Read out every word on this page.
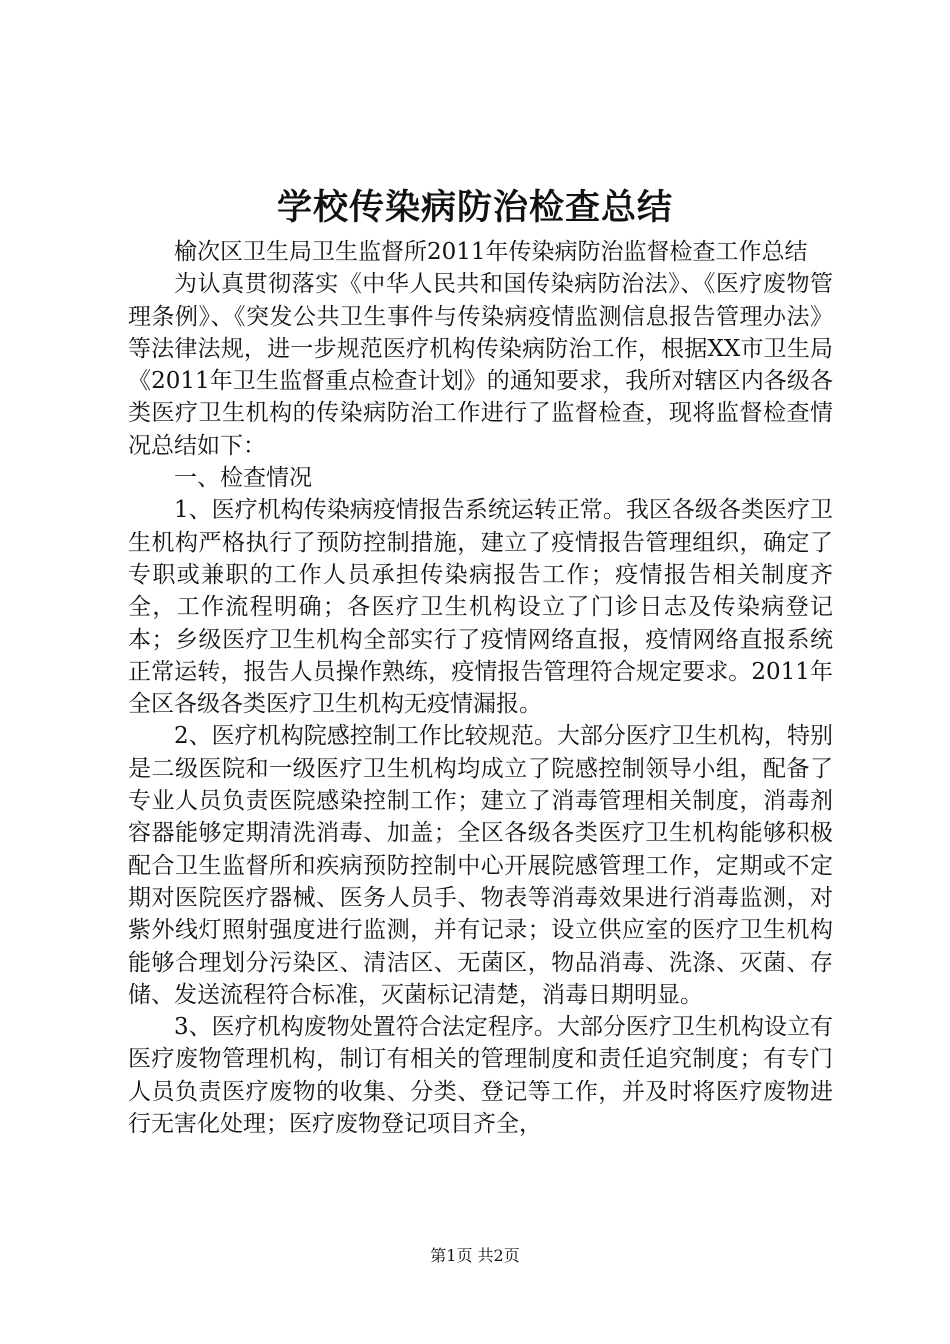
学校传染病防治检查总结

榆次区卫生局卫生监督所2011年传染病防治监督检查工作总结

为认真贯彻落实《中华人民共和国传染病防治法》、《医疗废物管理条例》、《突发公共卫生事件与传染病疫情监测信息报告管理办法》等法律法规，进一步规范医疗机构传染病防治工作，根据XX市卫生局《2011年卫生监督重点检查计划》的通知要求，我所对辖区内各级各类医疗卫生机构的传染病防治工作进行了监督检查，现将监督检查情况总结如下：

一、检查情况

1、医疗机构传染病疫情报告系统运转正常。我区各级各类医疗卫生机构严格执行了预防控制措施，建立了疫情报告管理组织，确定了专职或兼职的工作人员承担传染病报告工作；疫情报告相关制度齐全，工作流程明确；各医疗卫生机构设立了门诊日志及传染病登记本；乡级医疗卫生机构全部实行了疫情网络直报，疫情网络直报系统正常运转，报告人员操作熟练，疫情报告管理符合规定要求。2011年全区各级各类医疗卫生机构无疫情漏报。

2、医疗机构院感控制工作比较规范。大部分医疗卫生机构，特别是二级医院和一级医疗卫生机构均成立了院感控制领导小组，配备了专业人员负责医院感染控制工作；建立了消毒管理相关制度，消毒剂容器能够定期清洗消毒、加盖；全区各级各类医疗卫生机构能够积极配合卫生监督所和疾病预防控制中心开展院感管理工作，定期或不定期对医院医疗器械、医务人员手、物表等消毒效果进行消毒监测，对紫外线灯照射强度进行监测，并有记录；设立供应室的医疗卫生机构能够合理划分污染区、清洁区、无菌区，物品消毒、洗涤、灭菌、存储、发送流程符合标准，灭菌标记清楚，消毒日期明显。

3、医疗机构废物处置符合法定程序。大部分医疗卫生机构设立有医疗废物管理机构，制订有相关的管理制度和责任追究制度；有专门人员负责医疗废物的收集、分类、登记等工作，并及时将医疗废物进行无害化处理；医疗废物登记项目齐全，

第1页 共2页
